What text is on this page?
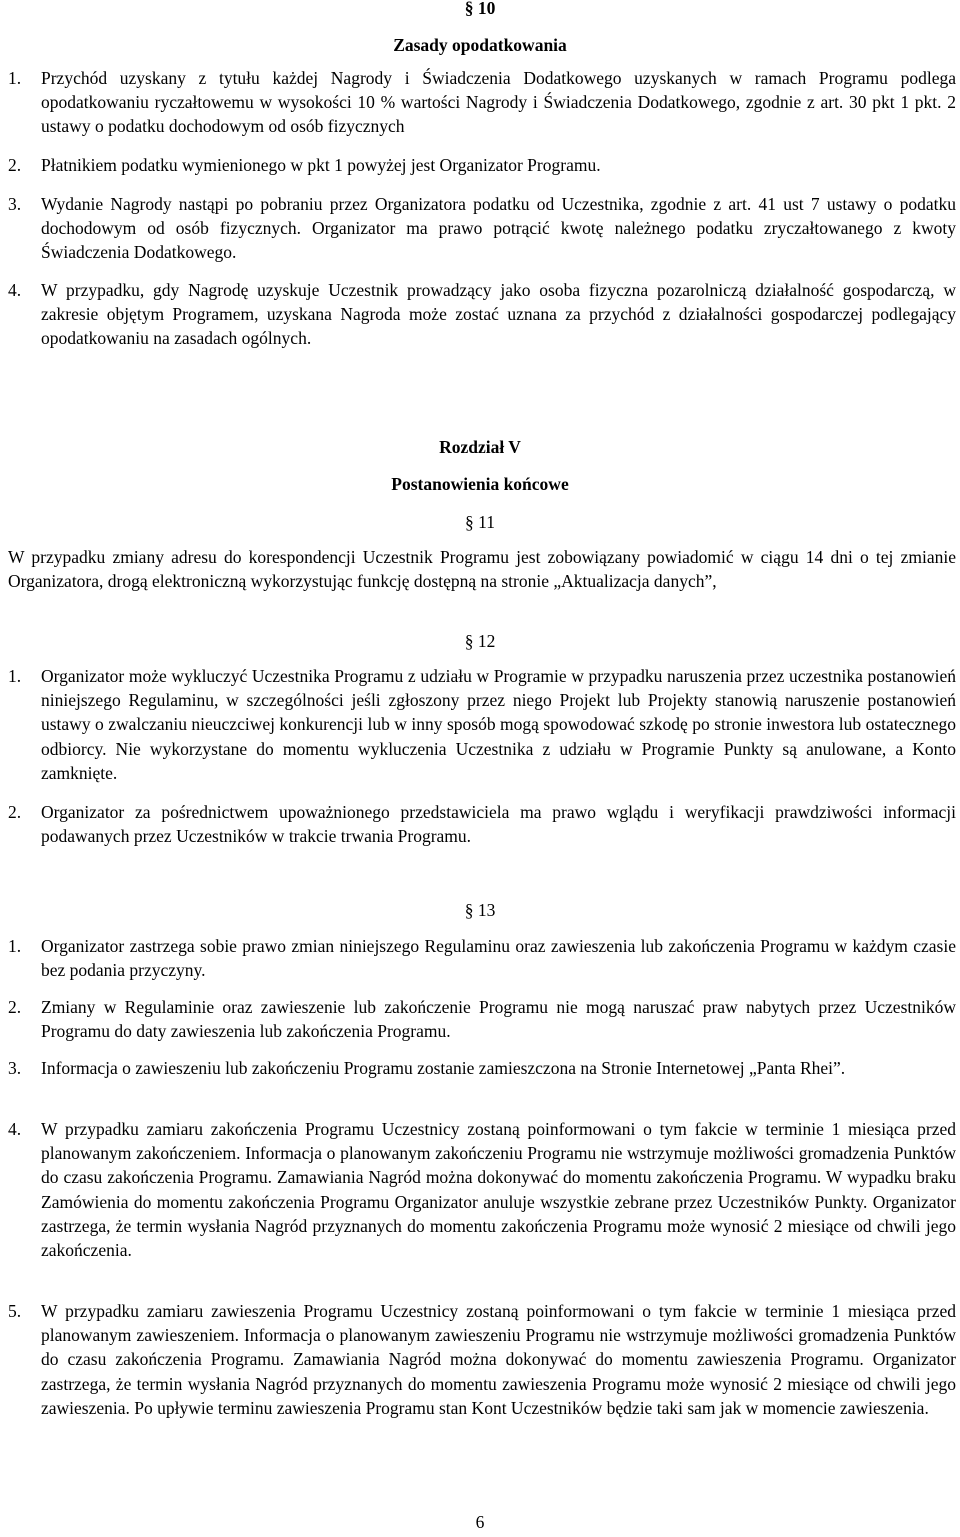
§ 10
Zasady opodatkowania
1. Przychód uzyskany z tytułu każdej Nagrody i Świadczenia Dodatkowego uzyskanych w ramach Programu podlega opodatkowaniu ryczałtowemu w wysokości 10 % wartości Nagrody i Świadczenia Dodatkowego, zgodnie z art. 30 pkt 1 pkt. 2 ustawy o podatku dochodowym od osób fizycznych
2. Płatnikiem podatku wymienionego w pkt 1 powyżej jest Organizator Programu.
3. Wydanie Nagrody nastąpi po pobraniu przez Organizatora podatku od Uczestnika, zgodnie z art. 41 ust 7 ustawy o podatku dochodowym od osób fizycznych. Organizator ma prawo potrącić kwotę należnego podatku zryczałtowanego z kwoty Świadczenia Dodatkowego.
4. W przypadku, gdy Nagrodę uzyskuje Uczestnik prowadzący jako osoba fizyczna pozarolniczą działalność gospodarczą, w zakresie objętym Programem, uzyskana Nagroda może zostać uznana za przychód z działalności gospodarczej podlegający opodatkowaniu na zasadach ogólnych.
Rozdział V
Postanowienia końcowe
§ 11
W przypadku zmiany adresu do korespondencji Uczestnik Programu jest zobowiązany powiadomić w ciągu 14 dni o tej zmianie Organizatora, drogą elektroniczną wykorzystując funkcję dostępną na stronie „Aktualizacja danych”,
§ 12
1. Organizator może wykluczyć Uczestnika Programu z udziału w Programie w przypadku naruszenia przez uczestnika postanowień niniejszego Regulaminu, w szczególności jeśli zgłoszony przez niego Projekt lub Projekty stanowią naruszenie postanowień ustawy o zwalczaniu nieuczciwej konkurencji lub w inny sposób mogą spowodować szkodę po stronie inwestora lub ostatecznego odbiorcy. Nie wykorzystane do momentu wykluczenia Uczestnika z udziału w Programie Punkty są anulowane, a Konto zamknięte.
2. Organizator za pośrednictwem upoważnionego przedstawiciela ma prawo wglądu i weryfikacji prawdziwości informacji podawanych przez Uczestników w trakcie trwania Programu.
§ 13
1. Organizator zastrzega sobie prawo zmian niniejszego Regulaminu oraz zawieszenia lub zakończenia Programu w każdym czasie bez podania przyczyny.
2. Zmiany w Regulaminie oraz zawieszenie lub zakończenie Programu nie mogą naruszać praw nabytych przez Uczestników Programu do daty zawieszenia lub zakończenia Programu.
3. Informacja o zawieszeniu lub zakończeniu Programu zostanie zamieszczona na Stronie Internetowej „Panta Rhei”.
4. W przypadku zamiaru zakończenia Programu Uczestnicy zostaną poinformowani o tym fakcie w terminie 1 miesiąca przed planowanym zakończeniem. Informacja o planowanym zakończeniu Programu nie wstrzymuje możliwości gromadzenia Punktów do czasu zakończenia Programu. Zamawiania Nagród można dokonywać do momentu zakończenia Programu. W wypadku braku Zamówienia do momentu zakończenia Programu Organizator anuluje wszystkie zebrane przez Uczestników Punkty. Organizator zastrzega, że termin wysłania Nagród przyznanych do momentu zakończenia Programu może wynosić 2 miesiące od chwili jego zakończenia.
5. W przypadku zamiaru zawieszenia Programu Uczestnicy zostaną poinformowani o tym fakcie w terminie 1 miesiąca przed planowanym zawieszeniem. Informacja o planowanym zawieszeniu Programu nie wstrzymuje możliwości gromadzenia Punktów do czasu zakończenia Programu. Zamawiania Nagród można dokonywać do momentu zawieszenia Programu. Organizator zastrzega, że termin wysłania Nagród przyznanych do momentu zawieszenia Programu może wynosić 2 miesiące od chwili jego zawieszenia. Po upływie terminu zawieszenia Programu stan Kont Uczestników będzie taki sam jak w momencie zawieszenia.
6
